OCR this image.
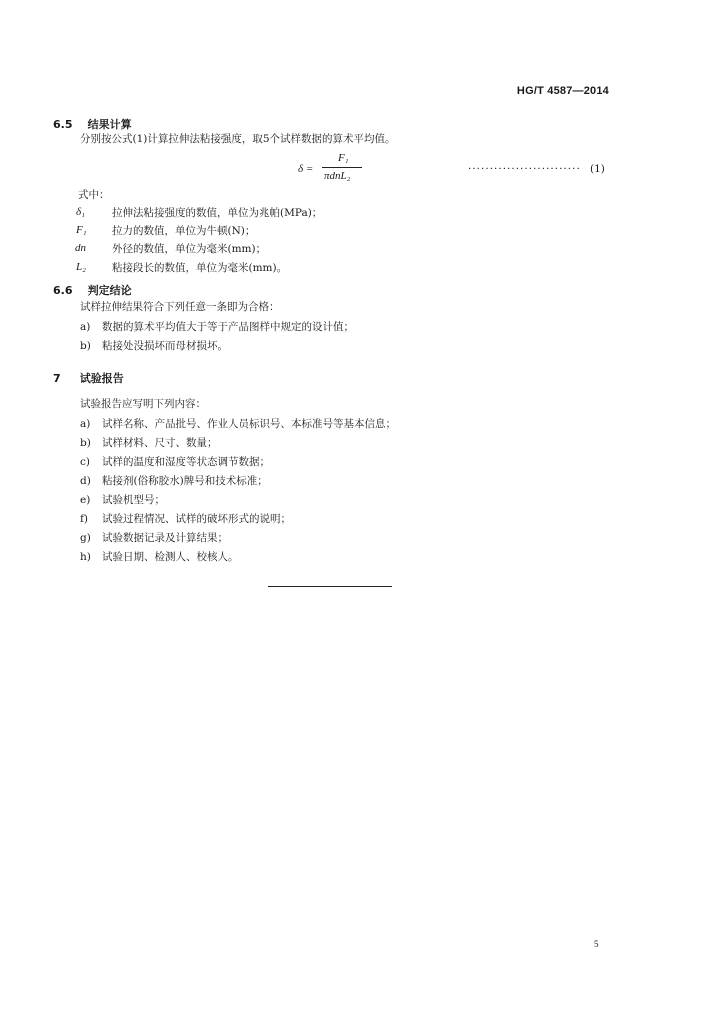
HG/T 4587—2014
6.5 结果计算
分别按公式(1)计算拉伸法粘接强度，取5个试样数据的算术平均值。
δ =
F₁
πdnL₂
·························· (1)
式中：
δ₁	拉伸法粘接强度的数值，单位为兆帕(MPa)；
F₁ 拉力的数值，单位为牛顿(N)；
dn 外径的数值，单位为毫米(mm)；
L₂ 粘接段长的数值，单位为毫米(mm)。
6.6 判定结论
试样拉伸结果符合下列任意一条即为合格：
a) 数据的算术平均值大于等于产品图样中规定的设计值；
b) 粘接处没损坏而母材损坏。
7 试验报告
试验报告应写明下列内容：
a) 试样名称、产品批号、作业人员标识号、本标准号等基本信息；
b) 试样材料、尺寸、数量；
c) 试样的温度和湿度等状态调节数据；
d) 粘接剂(俗称胶水)牌号和技术标准；
e) 试验机型号；
f) 试验过程情况、试样的破坏形式的说明；
g) 试验数据记录及计算结果；
h) 试验日期、检测人、校核人。
5
